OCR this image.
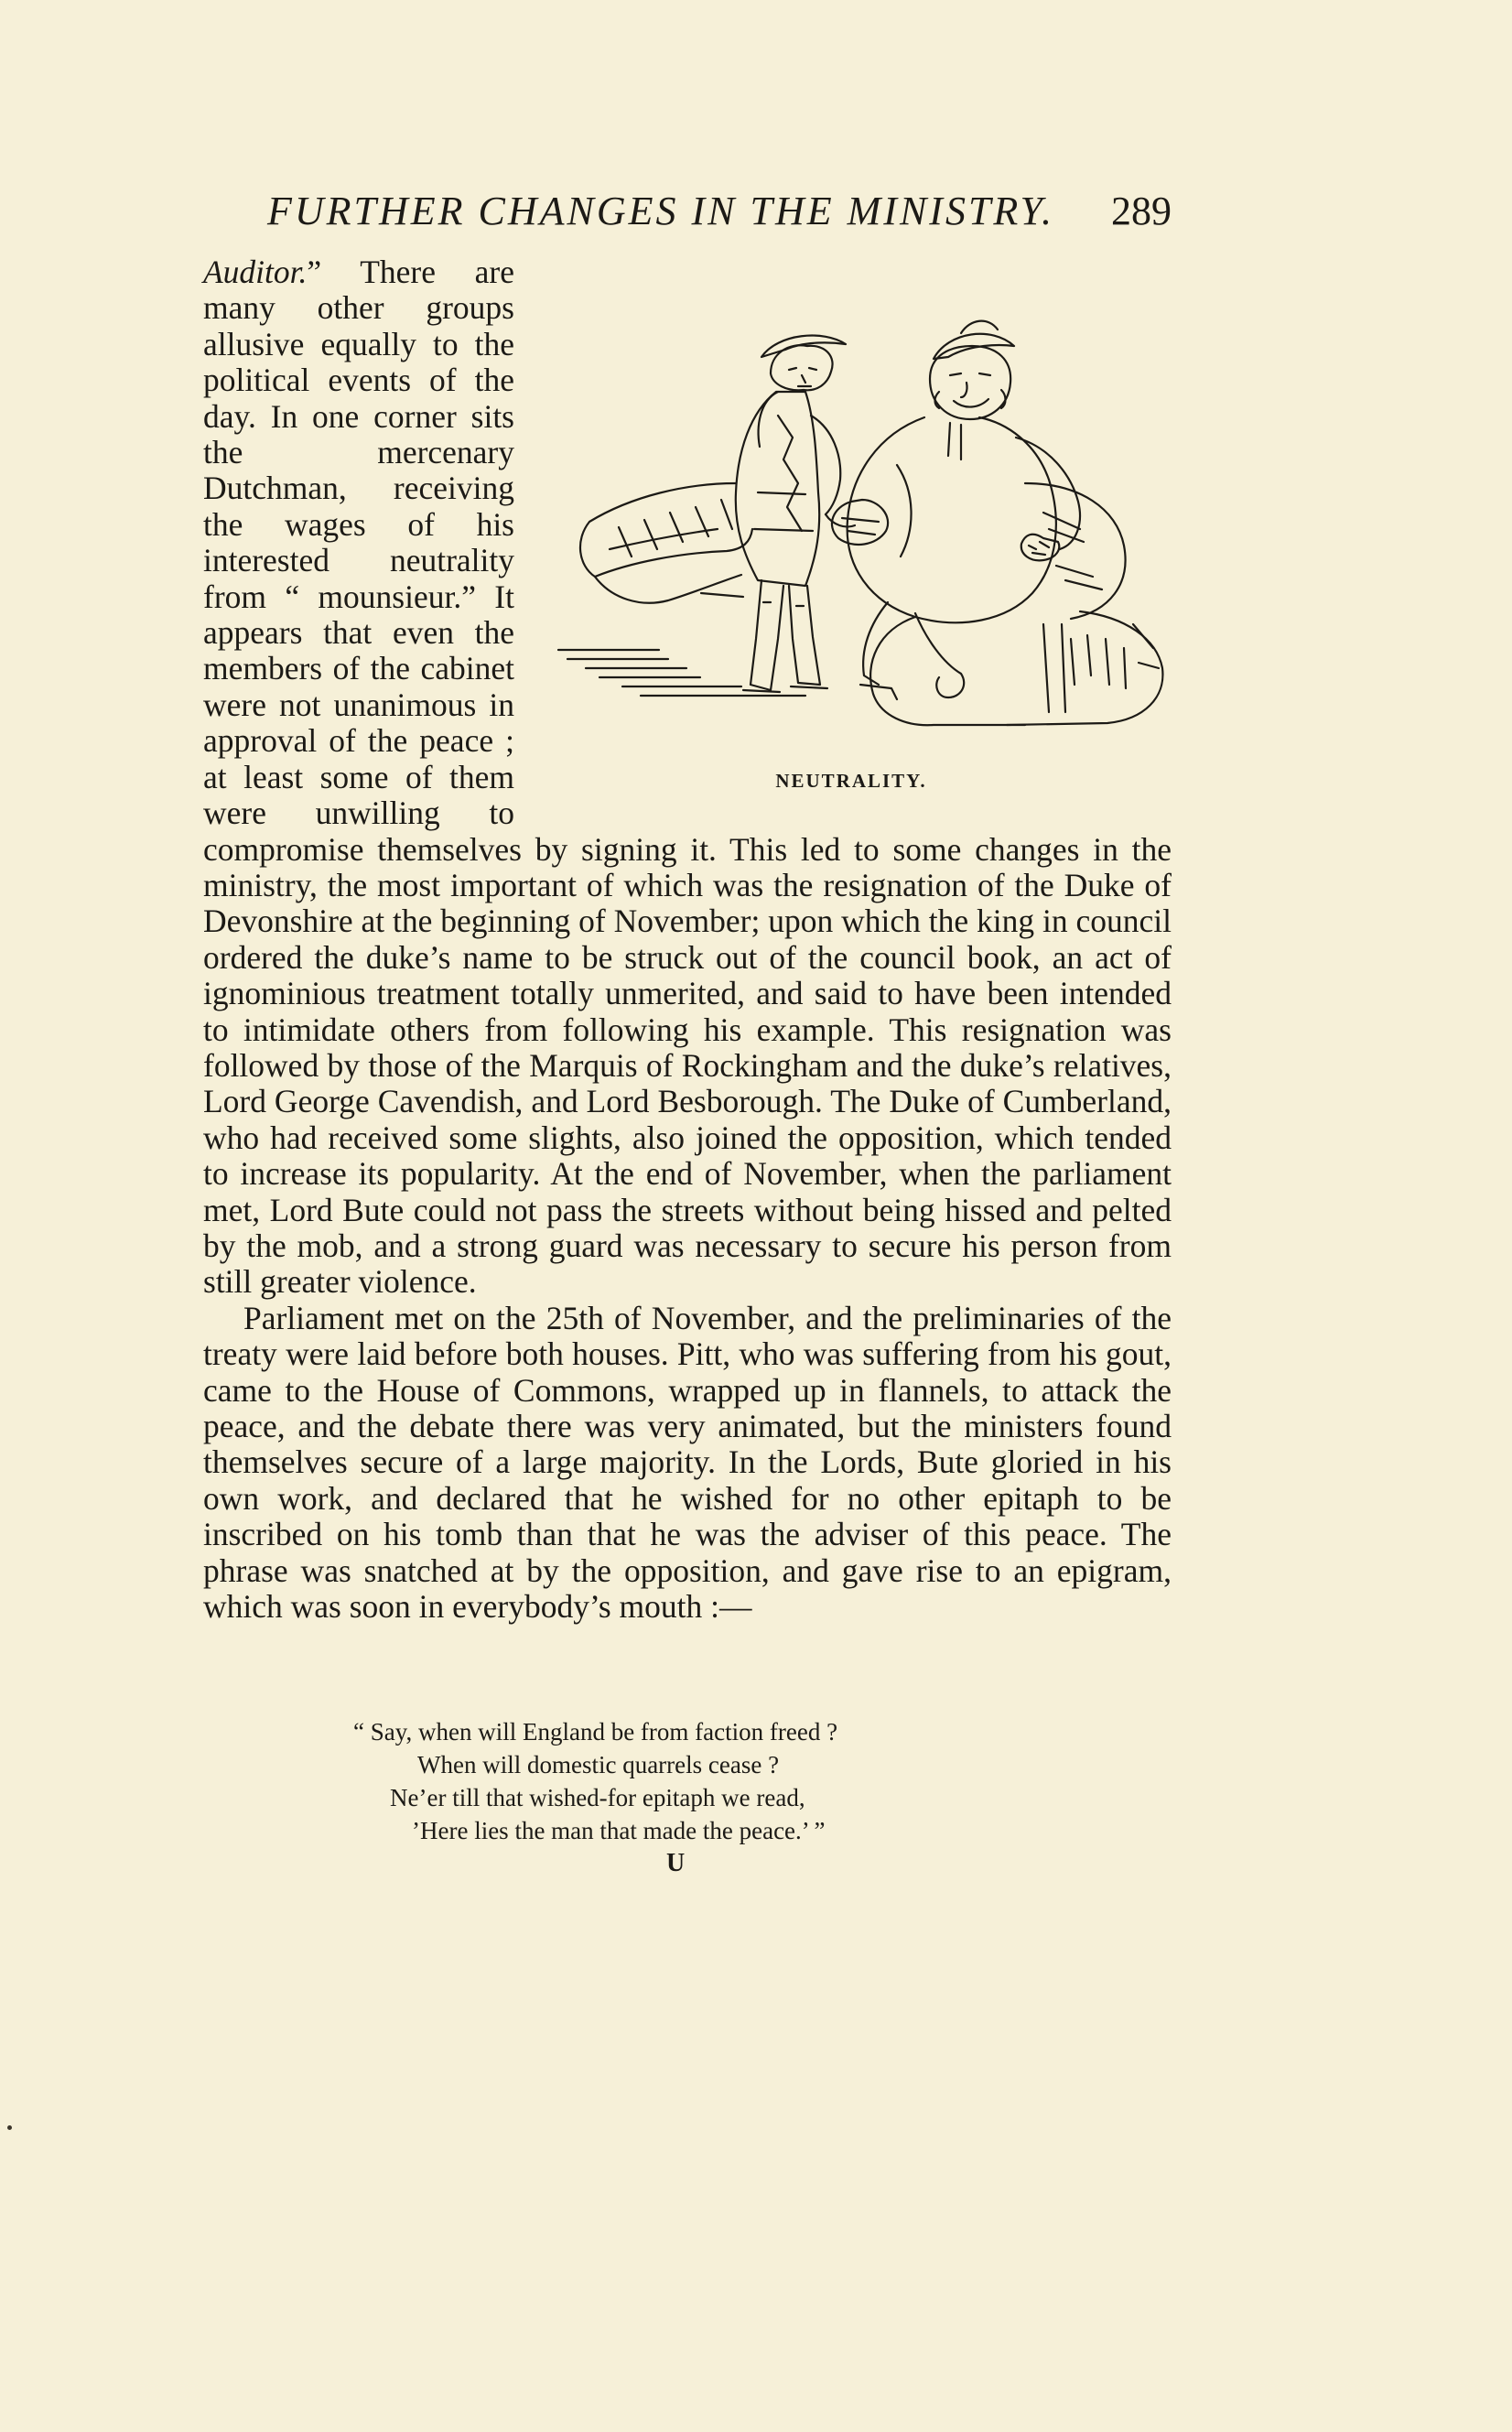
FURTHER CHANGES IN THE MINISTRY. 289

NEUTRALITY.
Auditor.” There are many other groups allusive equally to the political events of the day. In one corner sits the mercenary Dutchman, receiving the wages of his interested neutrality from “ mounsieur.” It appears that even the members of the cabinet were not unanimous in approval of the peace ; at least some of them were unwilling to compromise themselves by signing it. This led to some changes in the ministry, the most important of which was the resignation of the Duke of Devonshire at the beginning of November; upon which the king in council ordered the duke’s name to be struck out of the council book, an act of ignominious treatment totally unmerited, and said to have been intended to intimidate others from following his example. This resignation was followed by those of the Marquis of Rockingham and the duke’s relatives, Lord George Cavendish, and Lord Besborough. The Duke of Cumberland, who had received some slights, also joined the opposition, which tended to increase its popularity. At the end of November, when the parliament met, Lord Bute could not pass the streets without being hissed and pelted by the mob, and a strong guard was necessary to secure his person from still greater violence.

Parliament met on the 25th of November, and the preliminaries of the treaty were laid before both houses. Pitt, who was suffering from his gout, came to the House of Commons, wrapped up in flannels, to attack the peace, and the debate there was very animated, but the ministers found themselves secure of a large majority. In the Lords, Bute gloried in his own work, and declared that he wished for no other epitaph to be inscribed on his tomb than that he was the adviser of this peace. The phrase was snatched at by the opposition, and gave rise to an epigram, which was soon in everybody’s mouth :—

“ Say, when will England be from faction freed ?
When will domestic quarrels cease ?
Ne’er till that wished-for epitaph we read,
’Here lies the man that made the peace.’ ”
U
